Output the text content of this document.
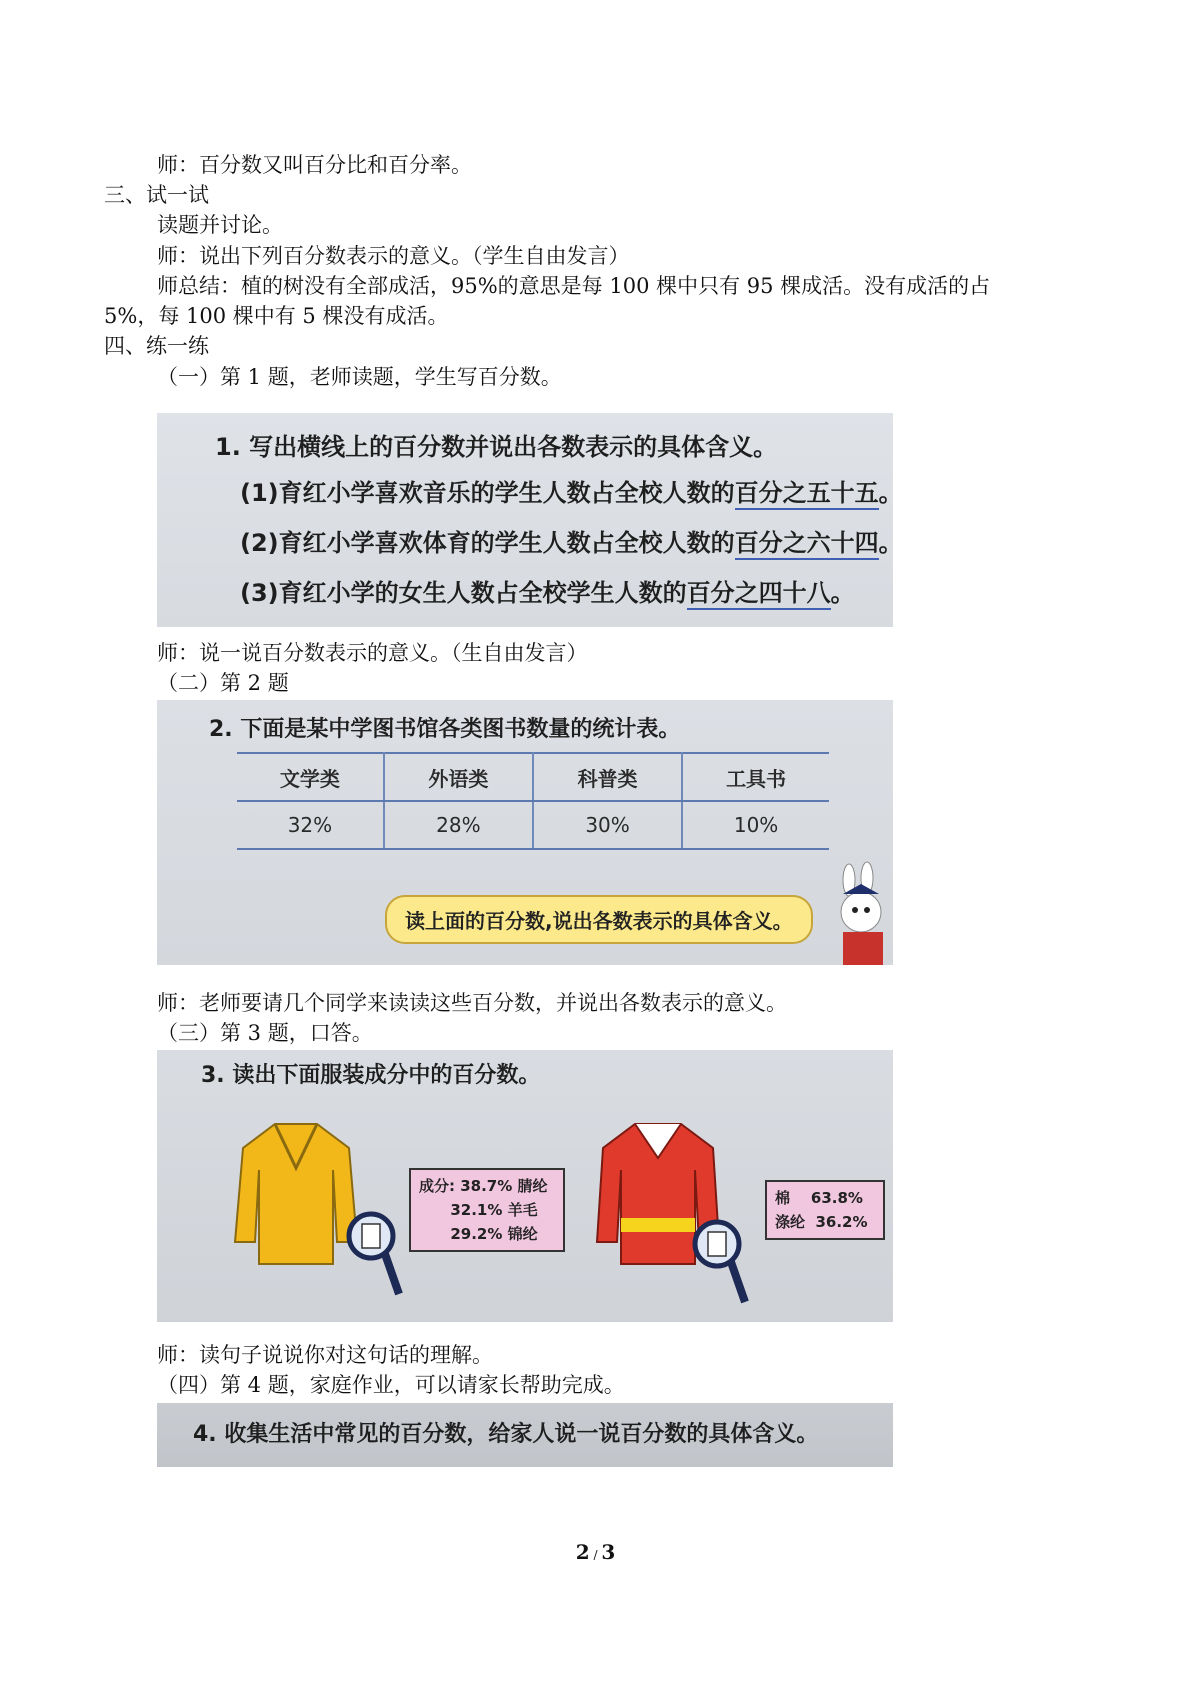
师：百分数又叫百分比和百分率。
三、试一试
读题并讨论。
师：说出下列百分数表示的意义。（学生自由发言）
师总结：植的树没有全部成活，95%的意思是每 100 棵中只有 95 棵成活。没有成活的占
5%，每 100 棵中有 5 棵没有成活。
四、练一练
（一）第 1 题，老师读题，学生写百分数。
1. 写出横线上的百分数并说出各数表示的具体含义。
(1)育红小学喜欢音乐的学生人数占全校人数的百分之五十五。
(2)育红小学喜欢体育的学生人数占全校人数的百分之六十四。
(3)育红小学的女生人数占全校学生人数的百分之四十八。
师：说一说百分数表示的意义。（生自由发言）
（二）第 2 题
2. 下面是某中学图书馆各类图书数量的统计表。
文学类	外语类	科普类	工具书
32%	28%	30%	10%
读上面的百分数,说出各数表示的具体含义。
师：老师要请几个同学来读读这些百分数，并说出各数表示的意义。
（三）第 3 题，口答。
3. 读出下面服装成分中的百分数。
成分: 38.7% 腈纶
32.1% 羊毛
29.2% 锦纶
棉    63.8%
涤纶  36.2%
师：读句子说说你对这句话的理解。
（四）第 4 题，家庭作业，可以请家长帮助完成。
4. 收集生活中常见的百分数，给家人说一说百分数的具体含义。
2 / 3
